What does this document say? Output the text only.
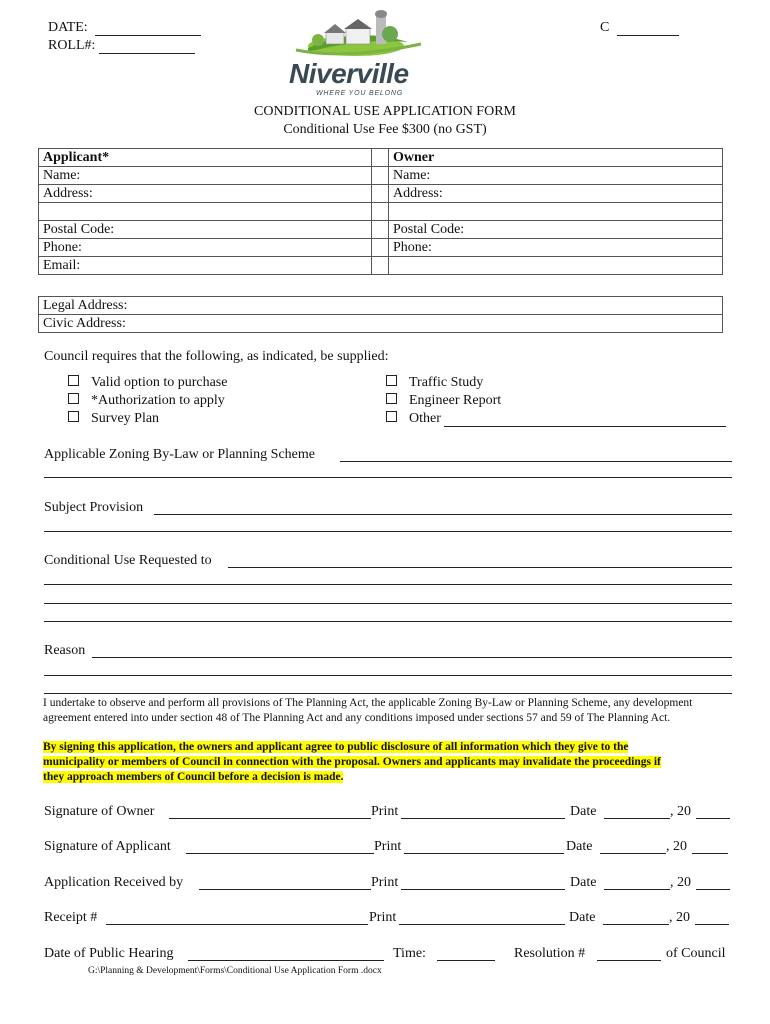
DATE:
ROLL#:
C
Niverville
WHERE YOU BELONG
CONDITIONAL USE APPLICATION FORM
Conditional Use Fee $300 (no GST)
Applicant*		Owner
Name:		Name:
Address:		Address:

Postal Code:		Postal Code:
Phone:		Phone:
Email:		
Legal Address:
Civic Address:
Council requires that the following, as indicated, be supplied:
Valid option to purchase
*Authorization to apply
Survey Plan
Traffic Study
Engineer Report
Other
Applicable Zoning By-Law or Planning Scheme
Subject Provision
Conditional Use Requested to
Reason
I undertake to observe and perform all provisions of The Planning Act, the applicable Zoning By-Law or Planning Scheme, any development agreement entered into under section 48 of The Planning Act and any conditions imposed under sections 57 and 59 of The Planning Act.
By signing this application, the owners and applicant agree to public disclosure of all information which they give to the
municipality or members of Council in connection with the proposal. Owners and applicants may invalidate the proceedings if
they approach members of Council before a decision is made.
Signature of Owner	Print	Date	, 20
Signature of Applicant	Print	Date	, 20
Application Received by	Print	Date	, 20
Receipt #	Print	Date	, 20
Date of Public Hearing	Time:	Resolution #	of Council
G:\Planning & Development\Forms\Conditional Use Application Form .docx
